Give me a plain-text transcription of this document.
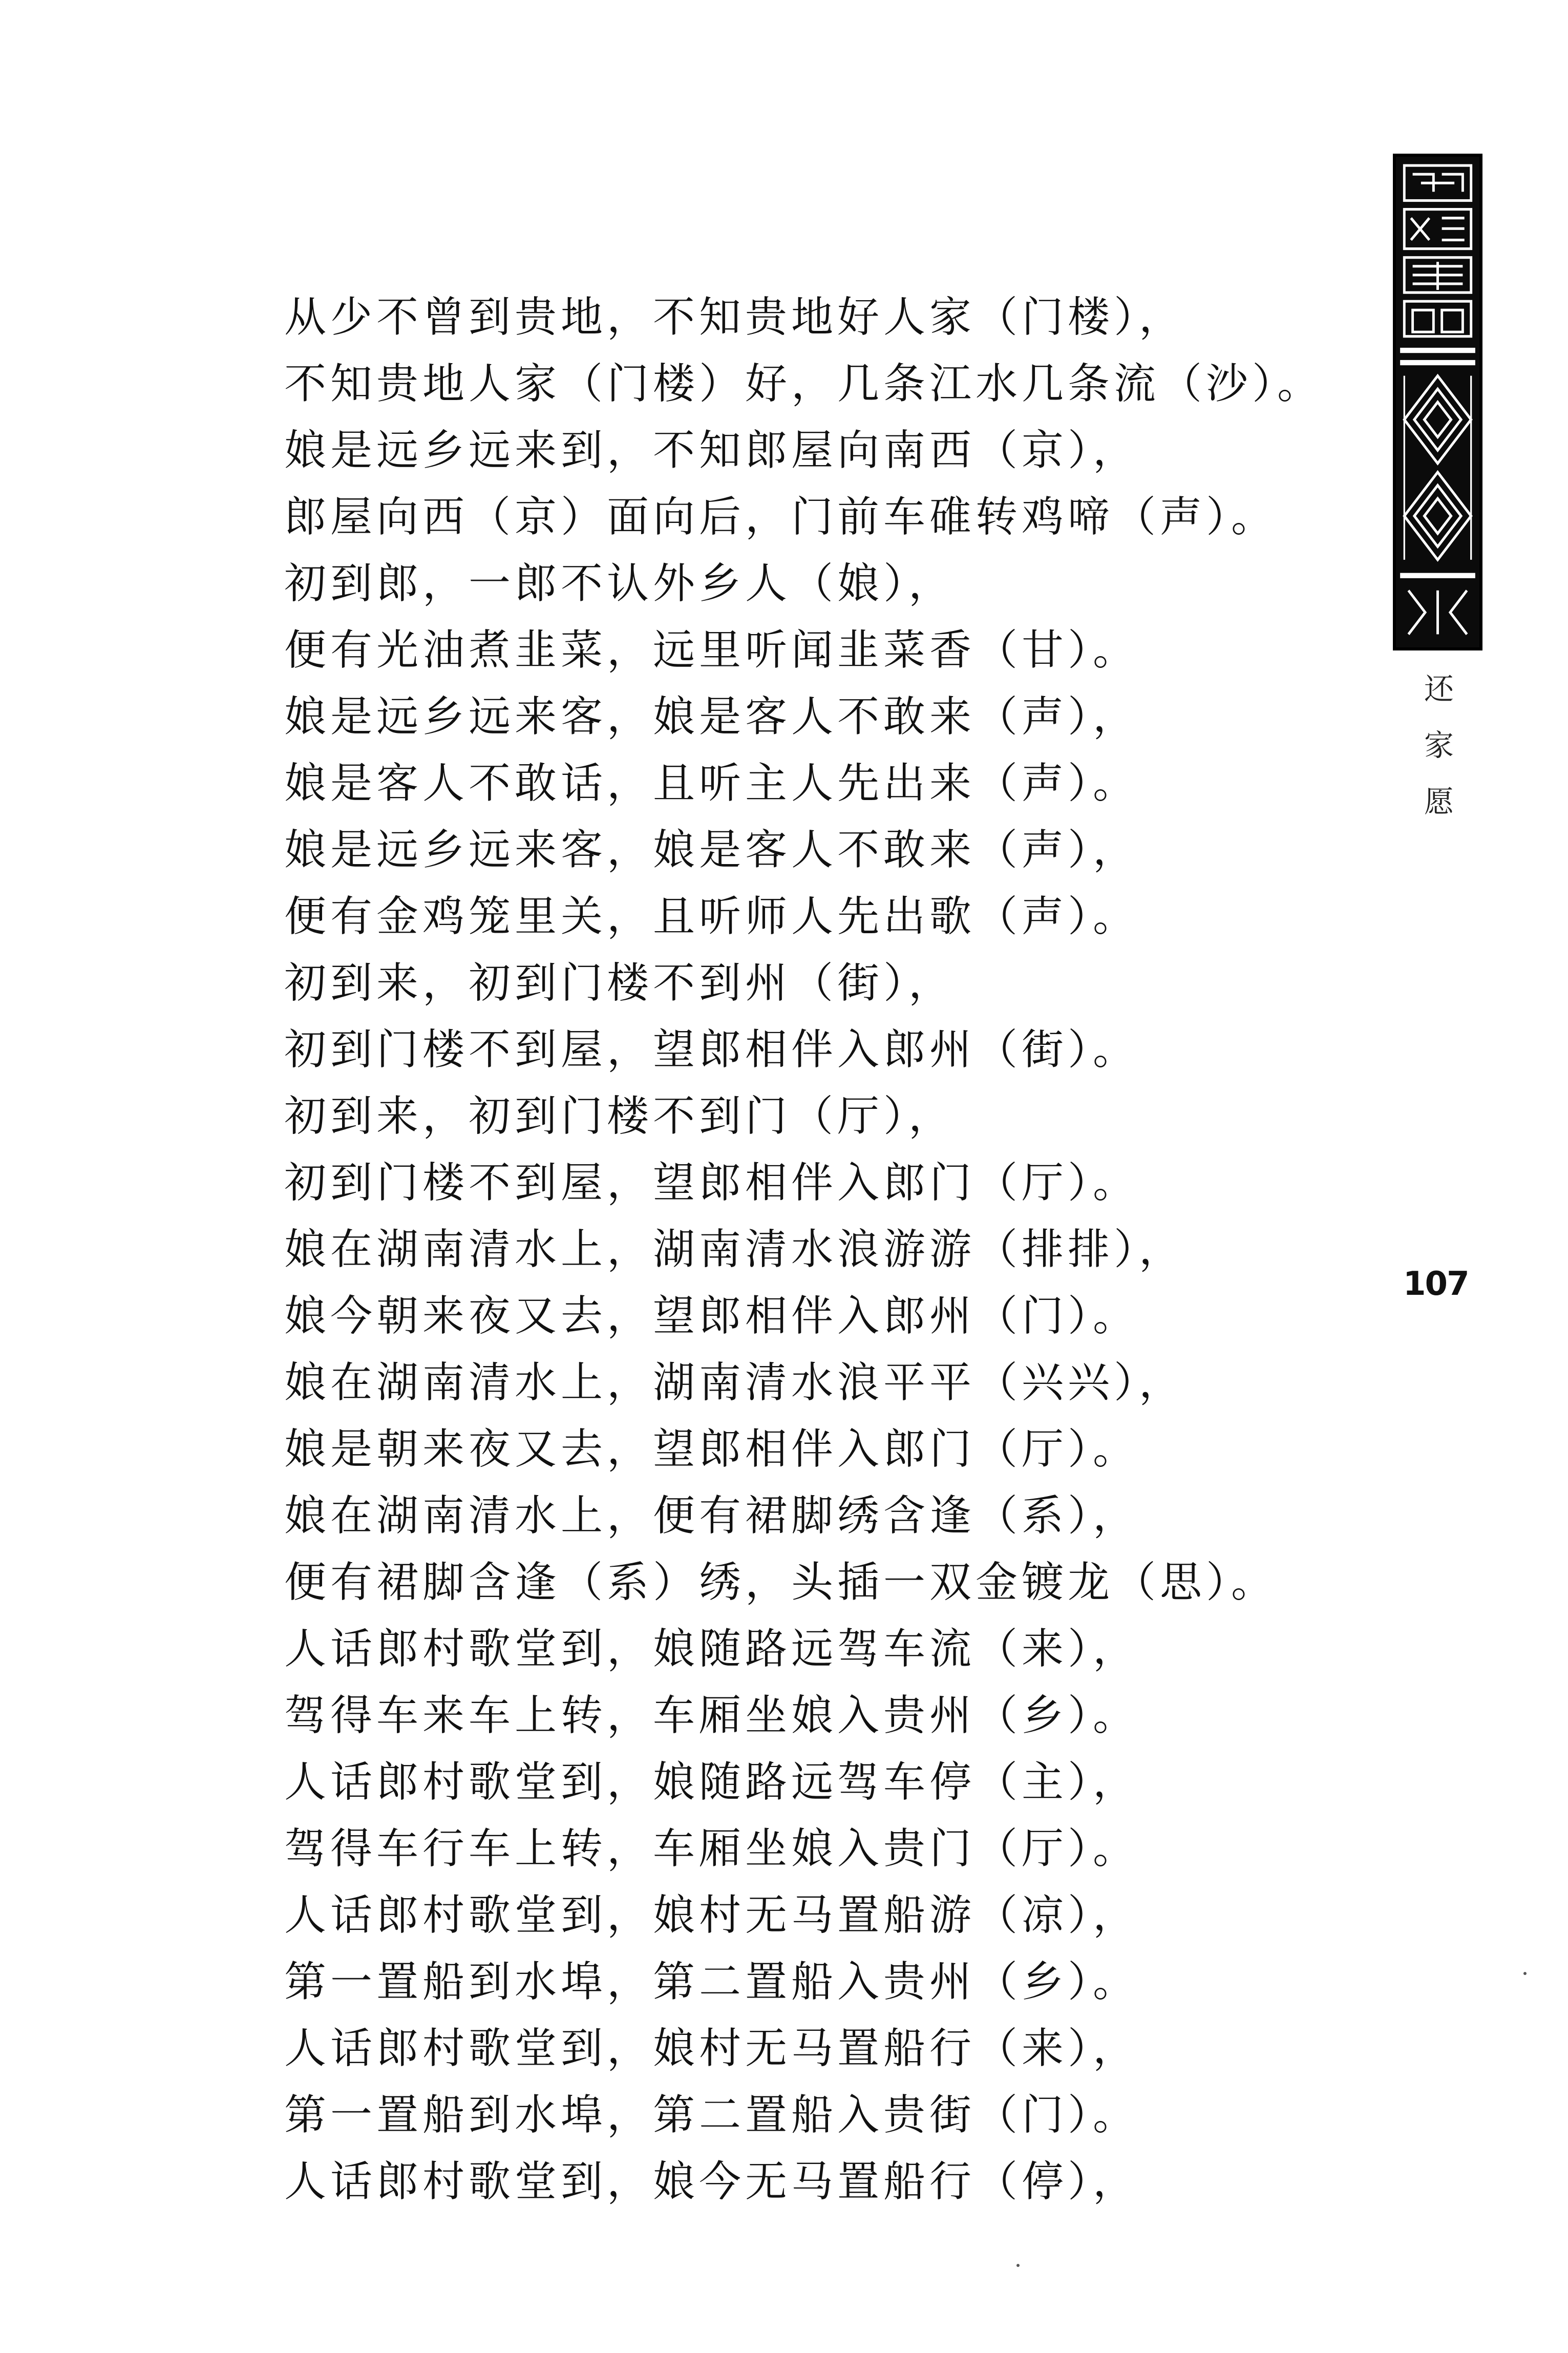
还
家
愿
107
从少不曾到贵地，不知贵地好人家（门楼），
不知贵地人家（门楼）好，几条江水几条流（沙）。
娘是远乡远来到，不知郎屋向南西（京），
郎屋向西（京）面向后，门前车碓转鸡啼（声）。
初到郎，一郎不认外乡人（娘），
便有光油煮韭菜，远里听闻韭菜香（甘）。
娘是远乡远来客，娘是客人不敢来（声），
娘是客人不敢话，且听主人先出来（声）。
娘是远乡远来客，娘是客人不敢来（声），
便有金鸡笼里关，且听师人先出歌（声）。
初到来，初到门楼不到州（街），
初到门楼不到屋，望郎相伴入郎州（街）。
初到来，初到门楼不到门（厅），
初到门楼不到屋，望郎相伴入郎门（厅）。
娘在湖南清水上，湖南清水浪游游（排排），
娘今朝来夜又去，望郎相伴入郎州（门）。
娘在湖南清水上，湖南清水浪平平（兴兴），
娘是朝来夜又去，望郎相伴入郎门（厅）。
娘在湖南清水上，便有裙脚绣含逢（系），
便有裙脚含逢（系）绣，头插一双金镀龙（思）。
人话郎村歌堂到，娘随路远驾车流（来），
驾得车来车上转，车厢坐娘入贵州（乡）。
人话郎村歌堂到，娘随路远驾车停（主），
驾得车行车上转，车厢坐娘入贵门（厅）。
人话郎村歌堂到，娘村无马置船游（凉），
第一置船到水埠，第二置船入贵州（乡）。
人话郎村歌堂到，娘村无马置船行（来），
第一置船到水埠，第二置船入贵街（门）。
人话郎村歌堂到，娘今无马置船行（停），
